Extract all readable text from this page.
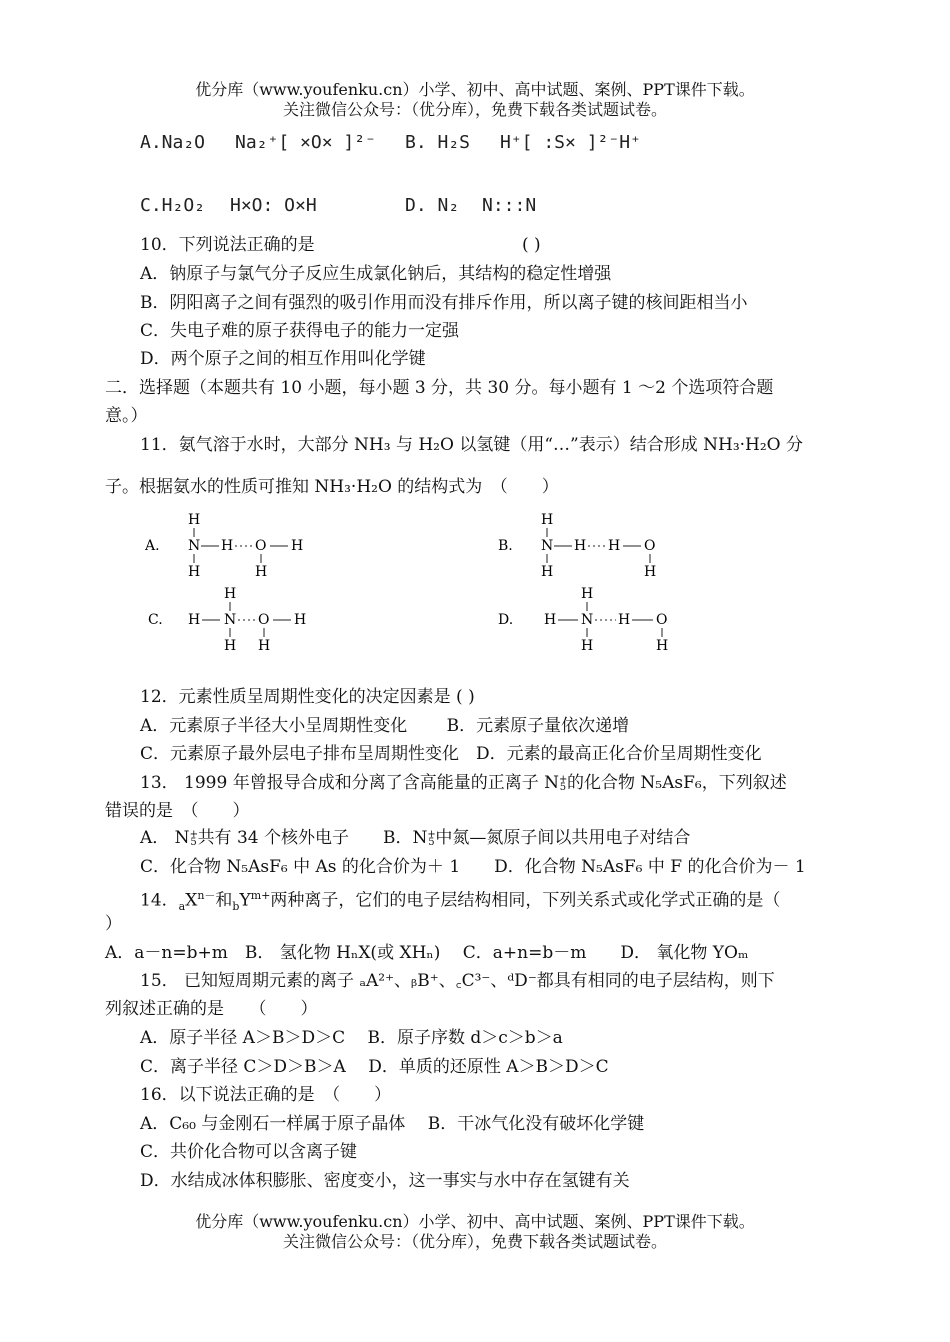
优分库（www.youfenku.cn）小学、初中、高中试题、案例、PPT课件下载。
关注微信公众号：（优分库），免费下载各类试题试卷。
A.Na₂O Na₂⁺[ ×O× ]²⁻ B. H₂S H⁺[ :S× ]²⁻H⁺
C.H₂O₂ H×O: O×H	D. N₂ N:::N
10．下列说法正确的是	( )
A．钠原子与氯气分子反应生成氯化钠后，其结构的稳定性增强
B．阴阳离子之间有强烈的吸引作用而没有排斥作用，所以离子键的核间距相当小
C．失电子难的原子获得电子的能力一定强
D．两个原子之间的相互作用叫化学键
二．选择题（本题共有 10 小题，每小题 3 分，共 30 分。每小题有 1 ～2 个选项符合题
意。）
11．氨气溶于水时，大部分 NH₃ 与 H₂O 以氢键（用“…”表示）结合形成 NH₃·H₂O 分
子。根据氨水的性质可推知 NH₃·H₂O 的结构式为　（　　）
A.
H
N H O H
H	H
B.
H
N H H O
H	H
C.
H
H N O H
H H
D.
H
H N H O
H	H
12．元素性质呈周期性变化的决定因素是 ( )
A．元素原子半径大小呈周期性变化　　 B．元素原子量依次递增
C．元素原子最外层电子排布呈周期性变化　D．元素的最高正化合价呈周期性变化
13． 1999 年曾报导合成和分离了含高能量的正离子 N +
5 的化合物 N₅AsF₆，下列叙述
错误的是　（　　）
A． N +
5 共有 34 个核外电子　　B．N +
5 中氮—氮原子间以共用电子对结合
C．化合物 N₅AsF₆ 中 As 的化合价为＋ 1　　D．化合物 N₅AsF₆ 中 F 的化合价为－ 1
14．$_aX^{n-}$和$_bY^{m+}$两种离子，它们的电子层结构相同，下列关系式或化学式正确的是（
）
A．a－n=b+m　B． 氢化物 HₙX(或 XHₙ)　 C．a+n=b－m　　D． 氧化物 YOₘ
15． 已知短周期元素的离子 ₐA²⁺、ᵦB⁺、꜀C³⁻、ᵈD⁻都具有相同的电子层结构，则下
列叙述正确的是　　（　　）
A．原子半径 A＞B＞D＞C　 B．原子序数 d＞c＞b＞a
C．离子半径 C＞D＞B＞A　 D．单质的还原性 A＞B＞D＞C
16．以下说法正确的是　（　　）
A．C₆₀ 与金刚石一样属于原子晶体　 B．干冰气化没有破坏化学键
C．共价化合物可以含离子键
D．水结成冰体积膨胀、密度变小，这一事实与水中存在氢键有关
优分库（www.youfenku.cn）小学、初中、高中试题、案例、PPT课件下载。
关注微信公众号：（优分库），免费下载各类试题试卷。
